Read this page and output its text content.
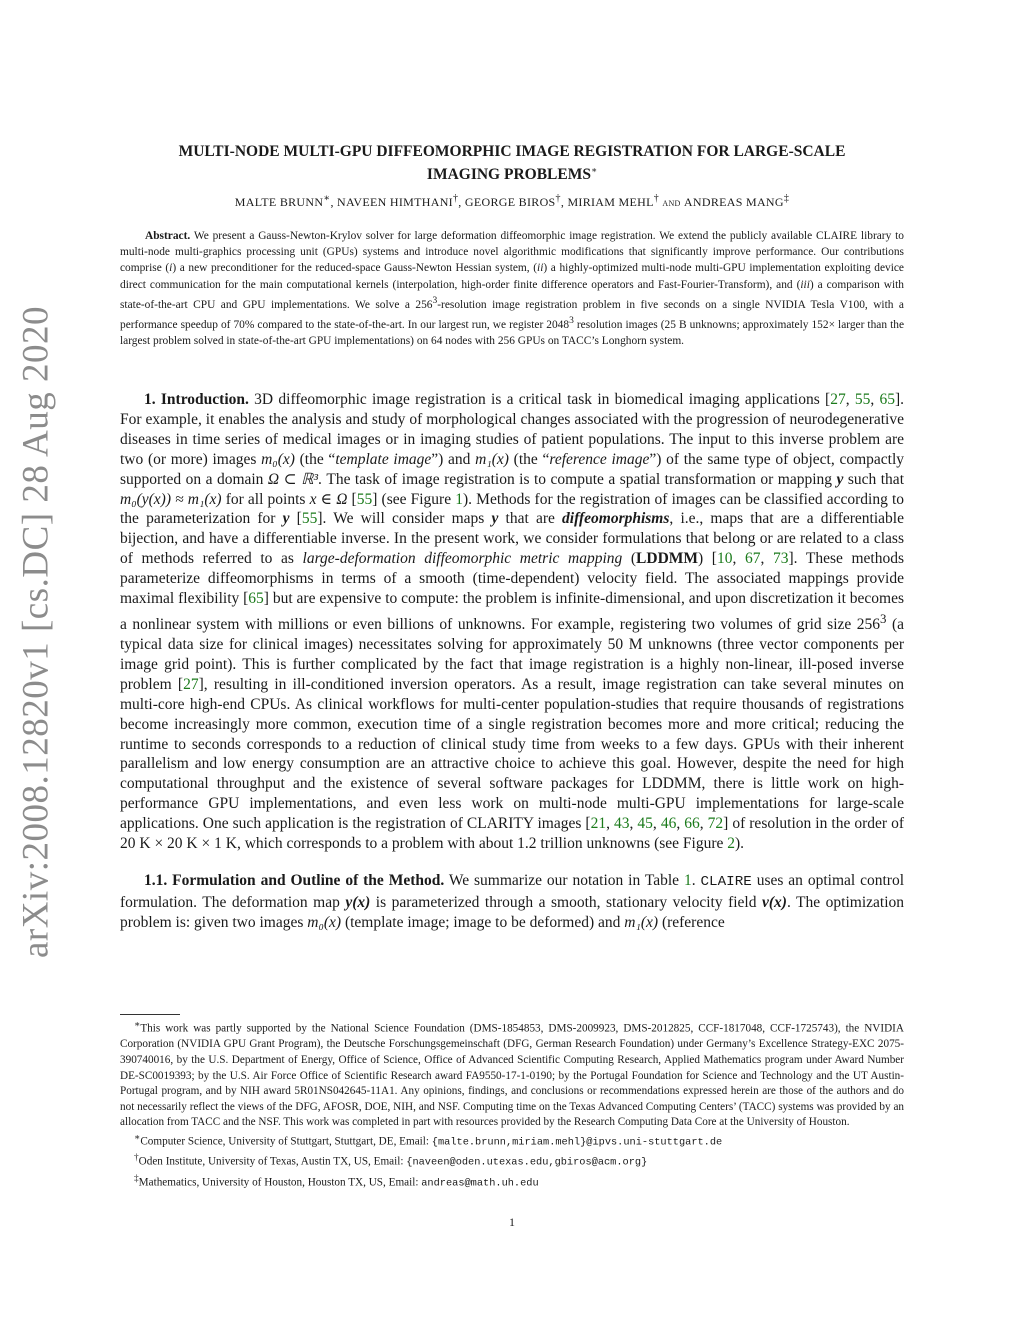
arXiv:2008.12820v1 [cs.DC] 28 Aug 2020
MULTI-NODE MULTI-GPU DIFFEOMORPHIC IMAGE REGISTRATION FOR LARGE-SCALE
IMAGING PROBLEMS∗
MALTE BRUNN∗, NAVEEN HIMTHANI†, GEORGE BIROS†, MIRIAM MEHL† and ANDREAS MANG‡
Abstract. We present a Gauss-Newton-Krylov solver for large deformation diffeomorphic image registration. We extend the publicly available CLAIRE library to multi-node multi-graphics processing unit (GPUs) systems and introduce novel algorithmic modifications that significantly improve performance. Our contributions comprise (i) a new preconditioner for the reduced-space Gauss-Newton Hessian system, (ii) a highly-optimized multi-node multi-GPU implementation exploiting device direct communication for the main computational kernels (interpolation, high-order finite difference operators and Fast-Fourier-Transform), and (iii) a comparison with state-of-the-art CPU and GPU implementations. We solve a $256^3$-resolution image registration problem in five seconds on a single NVIDIA Tesla V100, with a performance speedup of 70% compared to the state-of-the-art. In our largest run, we register 2048$^3$ resolution images (25 B unknowns; approximately 152× larger than the largest problem solved in state-of-the-art GPU implementations) on 64 nodes with 256 GPUs on TACC’s Longhorn system.

1. Introduction. 3D diffeomorphic image registration is a critical task in biomedical imaging applications [27, 55, 65]. For example, it enables the analysis and study of morphological changes associated with the progression of neurodegenerative diseases in time series of medical images or in imaging studies of patient populations. The input to this inverse problem are two (or more) images m₀(x) (the “template image”) and m₁(x) (the “reference image”) of the same type of object, compactly supported on a domain Ω ⊂ ℝ³. The task of image registration is to compute a spatial transformation or mapping y such that m₀(y(x)) ≈ m₁(x) for all points x ∈ Ω [55] (see Figure 1). Methods for the registration of images can be classified according to the parameterization for y [55]. We will consider maps y that are diffeomorphisms, i.e., maps that are a differentiable bijection, and have a differentiable inverse. In the present work, we consider formulations that belong or are related to a class of methods referred to as large-deformation diffeomorphic metric mapping (LDDMM) [10, 67, 73]. These methods parameterize diffeomorphisms in terms of a smooth (time-dependent) velocity field. The associated mappings provide maximal flexibility [65] but are expensive to compute: the problem is infinite-dimensional, and upon discretization it becomes a nonlinear system with millions or even billions of unknowns. For example, registering two volumes of grid size $256^3$ (a typical data size for clinical images) necessitates solving for approximately 50 M unknowns (three vector components per image grid point). This is further complicated by the fact that image registration is a highly non-linear, ill-posed inverse problem [27], resulting in ill-conditioned inversion operators. As a result, image registration can take several minutes on multi-core high-end CPUs. As clinical workflows for multi-center population-studies that require thousands of registrations become increasingly more common, execution time of a single registration becomes more and more critical; reducing the runtime to seconds corresponds to a reduction of clinical study time from weeks to a few days. GPUs with their inherent parallelism and low energy consumption are an attractive choice to achieve this goal. However, despite the need for high computational throughput and the existence of several software packages for LDDMM, there is little work on high-performance GPU implementations, and even less work on multi-node multi-GPU implementations for large-scale applications. One such application is the registration of CLARITY images [21, 43, 45, 46, 66, 72] of resolution in the order of 20 K × 20 K × 1 K, which corresponds to a problem with about 1.2 trillion unknowns (see Figure 2).

1.1. Formulation and Outline of the Method. We summarize our notation in Table 1. CLAIRE uses an optimal control formulation. The deformation map y(x) is parameterized through a smooth, stationary velocity field v(x). The optimization problem is: given two images m₀(x) (template image; image to be deformed) and m₁(x) (reference

∗This work was partly supported by the National Science Foundation (DMS-1854853, DMS-2009923, DMS-2012825, CCF-1817048, CCF-1725743), the NVIDIA Corporation (NVIDIA GPU Grant Program), the Deutsche Forschungsgemeinschaft (DFG, German Research Foundation) under Germany’s Excellence Strategy-EXC 2075-390740016, by the U.S. Department of Energy, Office of Science, Office of Advanced Scientific Computing Research, Applied Mathematics program under Award Number DE-SC0019393; by the U.S. Air Force Office of Scientific Research award FA9550-17-1-0190; by the Portugal Foundation for Science and Technology and the UT Austin-Portugal program, and by NIH award 5R01NS042645-11A1. Any opinions, findings, and conclusions or recommendations expressed herein are those of the authors and do not necessarily reflect the views of the DFG, AFOSR, DOE, NIH, and NSF. Computing time on the Texas Advanced Computing Centers’ (TACC) systems was provided by an allocation from TACC and the NSF. This work was completed in part with resources provided by the Research Computing Data Core at the University of Houston.

∗Computer Science, University of Stuttgart, Stuttgart, DE, Email: {malte.brunn,miriam.mehl}@ipvs.uni-stuttgart.de

†Oden Institute, University of Texas, Austin TX, US, Email: {naveen@oden.utexas.edu,gbiros@acm.org}

‡Mathematics, University of Houston, Houston TX, US, Email: andreas@math.uh.edu

1
